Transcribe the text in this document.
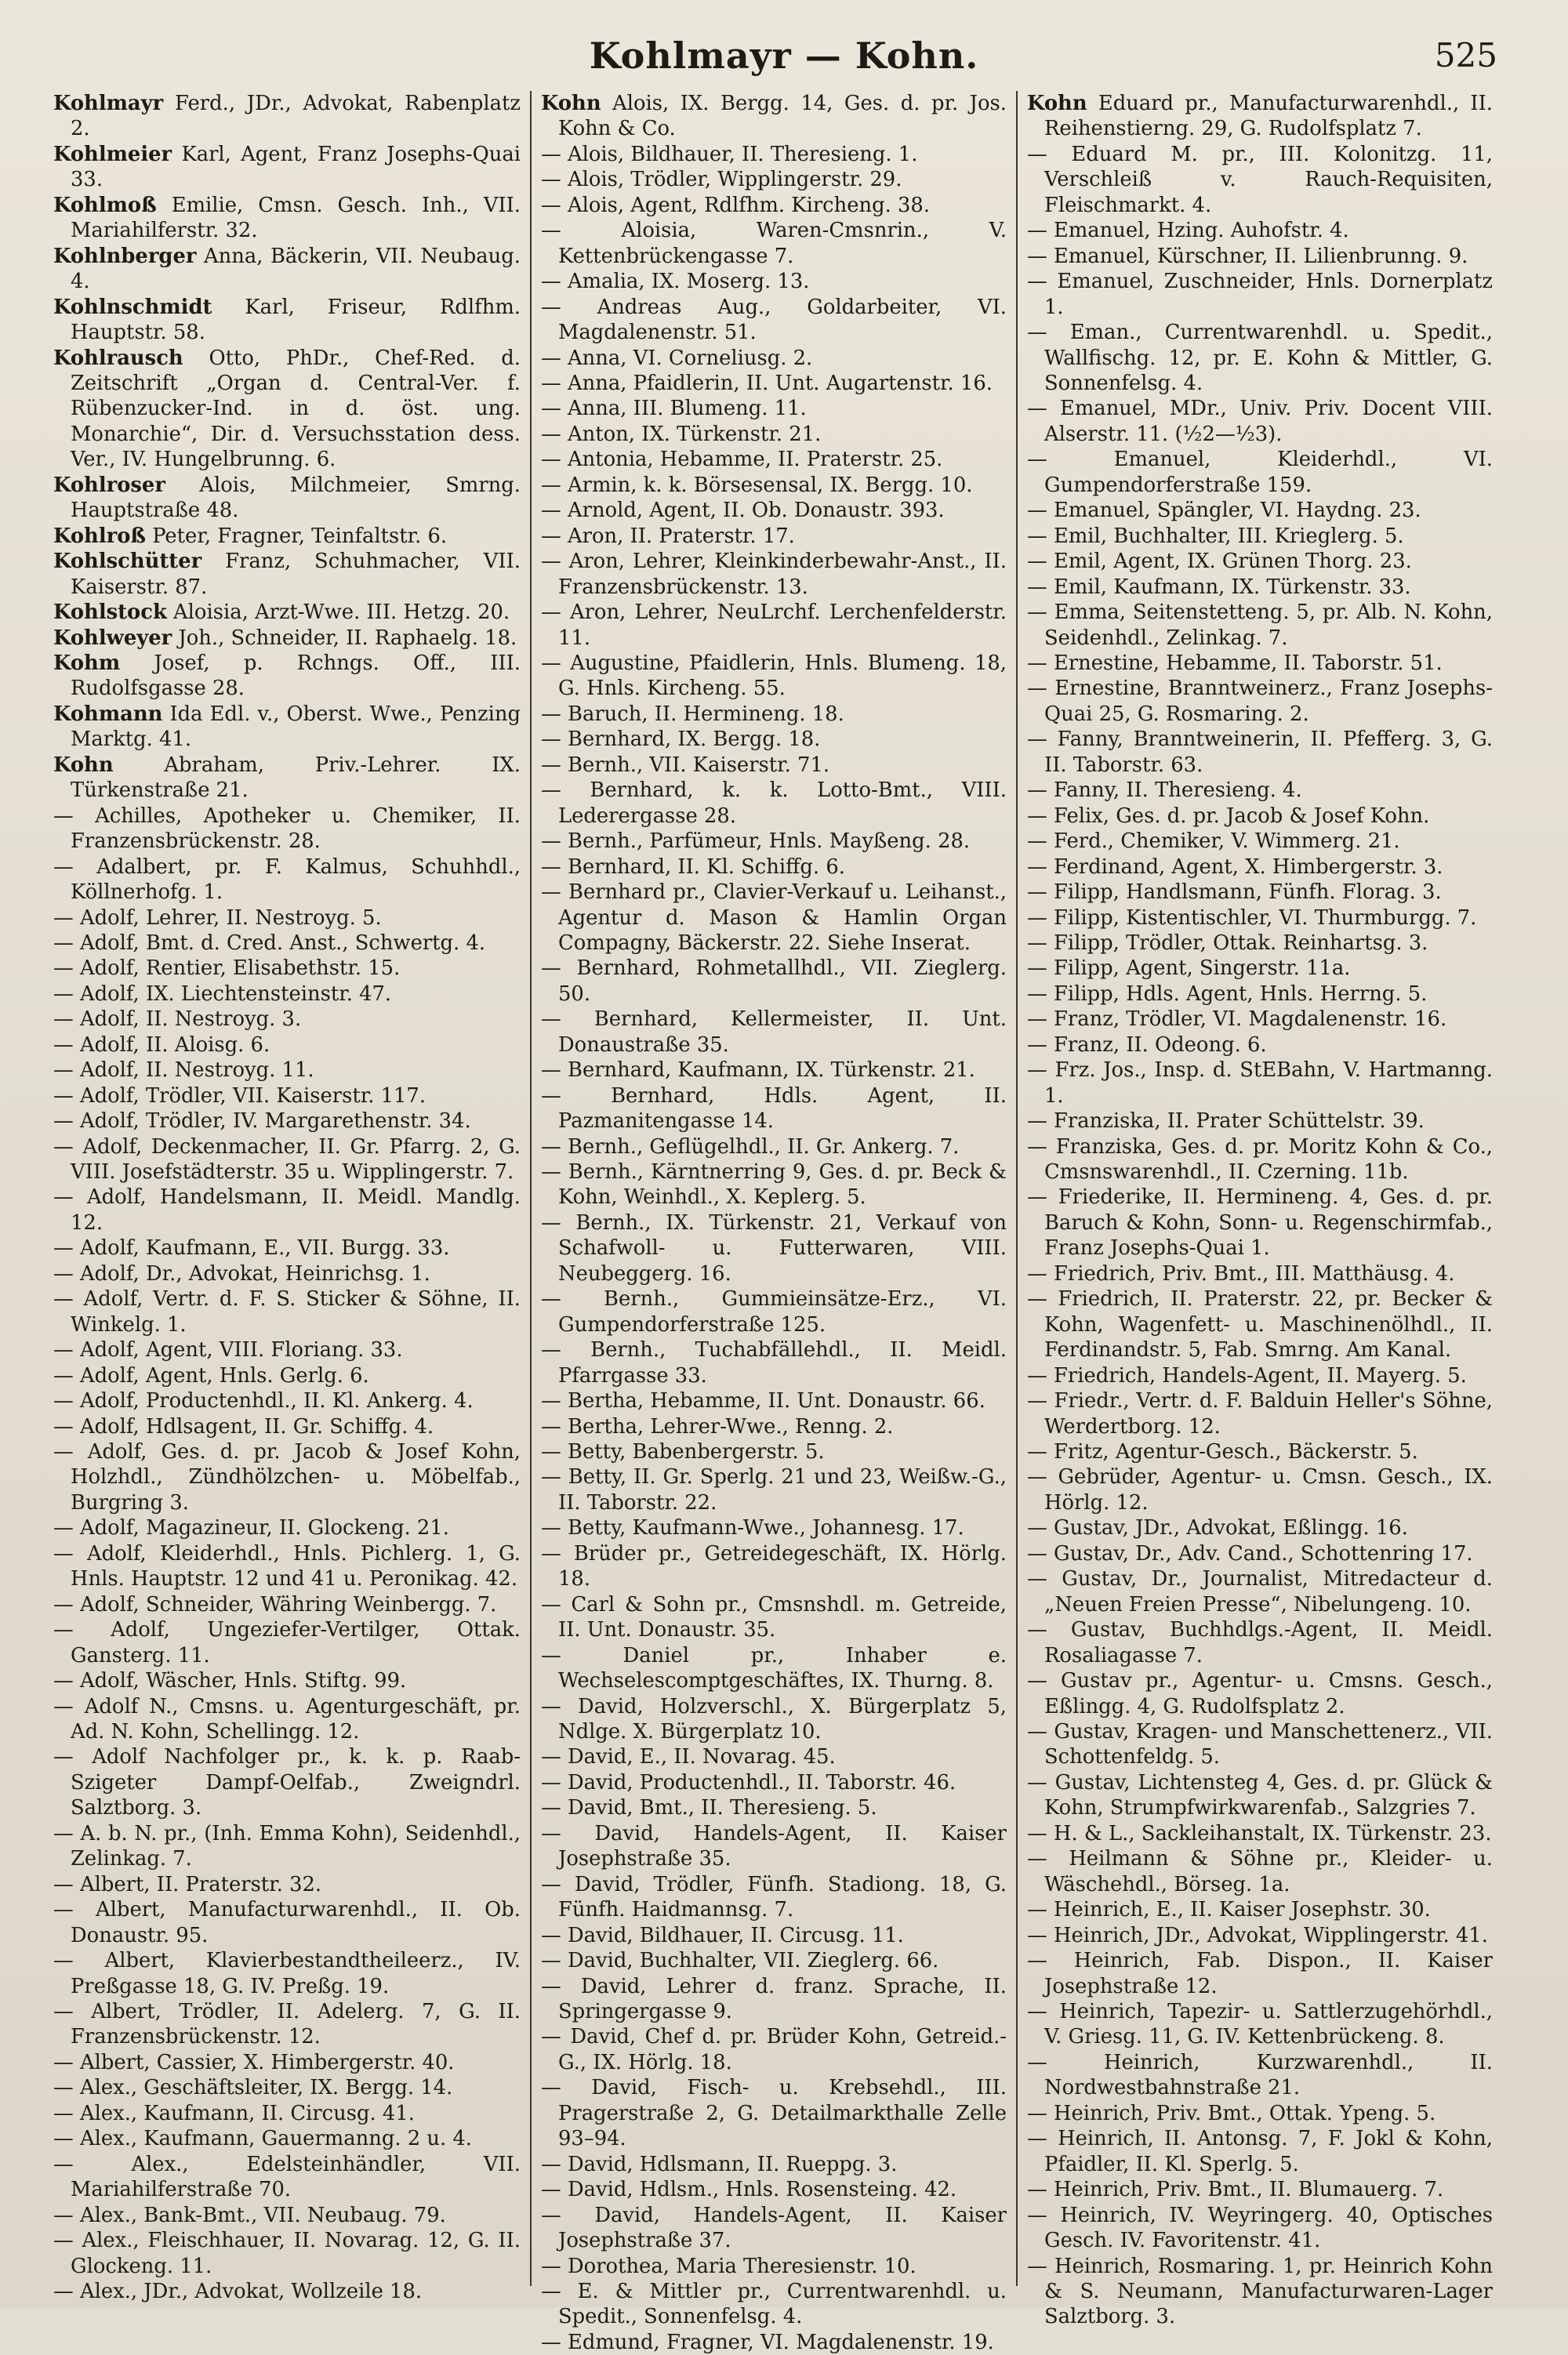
Kohlmayr — Kohn.	525
Kohlmayr Ferd., JDr., Advokat, Rabenplatz 2.
Kohlmeier Karl, Agent, Franz Josephs-Quai 33.
Kohlmoß Emilie, Cmsn. Gesch. Inh., VII. Mariahilferstr. 32.
Kohlnberger Anna, Bäckerin, VII. Neubaug. 4.
Kohlnschmidt Karl, Friseur, Rdlfhm. Hauptstr. 58.
Kohlrausch Otto, PhDr., Chef-Red. d. Zeitschrift „Organ d. Central-Ver. f. Rübenzucker-Ind. in d. öst. ung. Monarchie“, Dir. d. Versuchsstation dess. Ver., IV. Hungelbrunng. 6.
Kohlroser Alois, Milchmeier, Smrng. Hauptstraße 48.
Kohlroß Peter, Fragner, Teinfaltstr. 6.
Kohlschütter Franz, Schuhmacher, VII. Kaiserstr. 87.
Kohlstock Aloisia, Arzt-Wwe. III. Hetzg. 20.
Kohlweyer Joh., Schneider, II. Raphaelg. 18.
Kohm Josef, p. Rchngs. Off., III. Rudolfsgasse 28.
Kohmann Ida Edl. v., Oberst. Wwe., Penzing Marktg. 41.
Kohn	Abraham, Priv.-Lehrer. IX. Türkenstraße 21.
— Achilles, Apotheker u. Chemiker, II. Franzensbrückenstr. 28.
— Adalbert, pr. F. Kalmus, Schuhhdl., Köllnerhofg. 1.
— Adolf, Lehrer, II. Nestroyg. 5.
— Adolf, Bmt. d. Cred. Anst., Schwertg. 4.
— Adolf, Rentier, Elisabethstr. 15.
— Adolf, IX. Liechtensteinstr. 47.
— Adolf, II. Nestroyg. 3.
— Adolf, II. Aloisg. 6.
— Adolf, II. Nestroyg. 11.
— Adolf, Trödler, VII. Kaiserstr. 117.
— Adolf, Trödler, IV. Margarethenstr. 34.
— Adolf, Deckenmacher, II. Gr. Pfarrg. 2, G. VIII. Josefstädterstr. 35 u. Wipplingerstr. 7.
— Adolf, Handelsmann, II. Meidl. Mandlg. 12.
— Adolf, Kaufmann, E., VII. Burgg. 33.
— Adolf, Dr., Advokat, Heinrichsg. 1.
— Adolf, Vertr. d. F. S. Sticker & Söhne, II. Winkelg. 1.
— Adolf, Agent, VIII. Floriang. 33.
— Adolf, Agent, Hnls. Gerlg. 6.
— Adolf, Productenhdl., II. Kl. Ankerg. 4.
— Adolf, Hdlsagent, II. Gr. Schiffg. 4.
— Adolf, Ges. d. pr. Jacob & Josef Kohn, Holzhdl., Zündhölzchen- u. Möbelfab., Burgring 3.
— Adolf, Magazineur, II. Glockeng. 21.
— Adolf, Kleiderhdl., Hnls. Pichlerg. 1, G. Hnls. Hauptstr. 12 und 41 u. Peronikag. 42.
— Adolf, Schneider, Währing Weinbergg. 7.
— Adolf, Ungeziefer-Vertilger, Ottak. Gansterg. 11.
— Adolf, Wäscher, Hnls. Stiftg. 99.
— Adolf N., Cmsns. u. Agenturgeschäft, pr. Ad. N. Kohn, Schellingg. 12.
— Adolf Nachfolger pr., k. k. p. Raab-Szigeter Dampf-Oelfab., Zweigndrl. Salztborg. 3.
— A. b. N. pr., (Inh. Emma Kohn), Seidenhdl., Zelinkag. 7.
— Albert, II. Praterstr. 32.
— Albert, Manufacturwarenhdl., II. Ob. Donaustr. 95.
— Albert, Klavierbestandtheileerz., IV. Preßgasse 18, G. IV. Preßg. 19.
— Albert, Trödler, II. Adelerg. 7, G. II. Franzensbrückenstr. 12.
— Albert, Cassier, X. Himbergerstr. 40.
— Alex., Geschäftsleiter, IX. Bergg. 14.
— Alex., Kaufmann, II. Circusg. 41.
— Alex., Kaufmann, Gauermanng. 2 u. 4.
— Alex., Edelsteinhändler, VII. Mariahilferstraße 70.
— Alex., Bank-Bmt., VII. Neubaug. 79.
— Alex., Fleischhauer, II. Novarag. 12, G. II. Glockeng. 11.
— Alex., JDr., Advokat, Wollzeile 18.
Kohn Alois, IX. Bergg. 14, Ges. d. pr. Jos. Kohn & Co.
— Alois, Bildhauer, II. Theresieng. 1.
— Alois, Trödler, Wipplingerstr. 29.
— Alois, Agent, Rdlfhm. Kircheng. 38.
— Aloisia, Waren-Cmsnrin., V. Kettenbrückengasse 7.
— Amalia, IX. Moserg. 13.
— Andreas Aug., Goldarbeiter, VI. Magdalenenstr. 51.
— Anna, VI. Corneliusg. 2.
— Anna, Pfaidlerin, II. Unt. Augartenstr. 16.
— Anna, III. Blumeng. 11.
— Anton, IX. Türkenstr. 21.
— Antonia, Hebamme, II. Praterstr. 25.
— Armin, k. k. Börsesensal, IX. Bergg. 10.
— Arnold, Agent, II. Ob. Donaustr. 393.
— Aron, II. Praterstr. 17.
— Aron, Lehrer, Kleinkinderbewahr-Anst., II. Franzensbrückenstr. 13.
— Aron, Lehrer, NeuLrchf. Lerchenfelderstr. 11.
— Augustine, Pfaidlerin, Hnls. Blumeng. 18, G. Hnls. Kircheng. 55.
— Baruch, II. Hermineng. 18.
— Bernhard, IX. Bergg. 18.
— Bernh., VII. Kaiserstr. 71.
— Bernhard, k. k. Lotto-Bmt., VIII. Lederergasse 28.
— Bernh., Parfümeur, Hnls. Mayßeng. 28.
— Bernhard, II. Kl. Schiffg. 6.
— Bernhard pr., Clavier-Verkauf u. Leihanst., Agentur d. Mason & Hamlin Organ Compagny, Bäckerstr. 22. Siehe Inserat.
— Bernhard, Rohmetallhdl., VII. Zieglerg. 50.
— Bernhard, Kellermeister, II. Unt. Donaustraße 35.
— Bernhard, Kaufmann, IX. Türkenstr. 21.
— Bernhard, Hdls. Agent, II. Pazmanitengasse 14.
— Bernh., Geflügelhdl., II. Gr. Ankerg. 7.
— Bernh., Kärntnerring 9, Ges. d. pr. Beck & Kohn, Weinhdl., X. Keplerg. 5.
— Bernh., IX. Türkenstr. 21, Verkauf von Schafwoll- u. Futterwaren, VIII. Neubeggerg. 16.
— Bernh., Gummieinsätze-Erz., VI. Gumpendorferstraße 125.
— Bernh., Tuchabfällehdl., II. Meidl. Pfarrgasse 33.
— Bertha, Hebamme, II. Unt. Donaustr. 66.
— Bertha, Lehrer-Wwe., Renng. 2.
— Betty, Babenbergerstr. 5.
— Betty, II. Gr. Sperlg. 21 und 23, Weißw.-G., II. Taborstr. 22.
— Betty, Kaufmann-Wwe., Johannesg. 17.
— Brüder pr., Getreidegeschäft, IX. Hörlg. 18.
— Carl & Sohn pr., Cmsnshdl. m. Getreide, II. Unt. Donaustr. 35.
— Daniel pr., Inhaber e. Wechselescomptgeschäftes, IX. Thurng. 8.
— David, Holzverschl., X. Bürgerplatz 5, Ndlge. X. Bürgerplatz 10.
— David, E., II. Novarag. 45.
— David, Productenhdl., II. Taborstr. 46.
— David, Bmt., II. Theresieng. 5.
— David, Handels-Agent, II. Kaiser Josephstraße 35.
— David, Trödler, Fünfh. Stadiong. 18, G. Fünfh. Haidmannsg. 7.
— David, Bildhauer, II. Circusg. 11.
— David, Buchhalter, VII. Zieglerg. 66.
— David, Lehrer d. franz. Sprache, II. Springergasse 9.
— David, Chef d. pr. Brüder Kohn, Getreid.-G., IX. Hörlg. 18.
— David, Fisch- u. Krebsehdl., III. Pragerstraße 2, G. Detailmarkthalle Zelle 93–94.
— David, Hdlsmann, II. Rueppg. 3.
— David, Hdlsm., Hnls. Rosensteing. 42.
— David, Handels-Agent, II. Kaiser Josephstraße 37.
— Dorothea, Maria Theresienstr. 10.
— E. & Mittler pr., Currentwarenhdl. u. Spedit., Sonnenfelsg. 4.
— Edmund, Fragner, VI. Magdalenenstr. 19.
Kohn Eduard pr., Manufacturwarenhdl., II. Reihenstierng. 29, G. Rudolfsplatz 7.
— Eduard M. pr., III. Kolonitzg. 11, Verschleiß v. Rauch-Requisiten, Fleischmarkt. 4.
— Emanuel, Hzing. Auhofstr. 4.
— Emanuel, Kürschner, II. Lilienbrunng. 9.
— Emanuel, Zuschneider, Hnls. Dornerplatz 1.
— Eman., Currentwarenhdl. u. Spedit., Wallfischg. 12, pr. E. Kohn & Mittler, G. Sonnenfelsg. 4.
— Emanuel, MDr., Univ. Priv. Docent VIII. Alserstr. 11. (½2—½3).
— Emanuel, Kleiderhdl., VI. Gumpendorferstraße 159.
— Emanuel, Spängler, VI. Haydng. 23.
— Emil, Buchhalter, III. Krieglerg. 5.
— Emil, Agent, IX. Grünen Thorg. 23.
— Emil, Kaufmann, IX. Türkenstr. 33.
— Emma, Seitenstetteng. 5, pr. Alb. N. Kohn, Seidenhdl., Zelinkag. 7.
— Ernestine, Hebamme, II. Taborstr. 51.
— Ernestine, Branntweinerz., Franz Josephs-Quai 25, G. Rosmaring. 2.
— Fanny, Branntweinerin, II. Pfefferg. 3, G. II. Taborstr. 63.
— Fanny, II. Theresieng. 4.
— Felix, Ges. d. pr. Jacob & Josef Kohn.
— Ferd., Chemiker, V. Wimmerg. 21.
— Ferdinand, Agent, X. Himbergerstr. 3.
— Filipp, Handlsmann, Fünfh. Florag. 3.
— Filipp, Kistentischler, VI. Thurmburgg. 7.
— Filipp, Trödler, Ottak. Reinhartsg. 3.
— Filipp, Agent, Singerstr. 11a.
— Filipp, Hdls. Agent, Hnls. Herrng. 5.
— Franz, Trödler, VI. Magdalenenstr. 16.
— Franz, II. Odeong. 6.
— Frz. Jos., Insp. d. StEBahn, V. Hartmanng. 1.
— Franziska, II. Prater Schüttelstr. 39.
— Franziska, Ges. d. pr. Moritz Kohn & Co., Cmsnswarenhdl., II. Czerning. 11b.
— Friederike, II. Hermineng. 4, Ges. d. pr. Baruch & Kohn, Sonn- u. Regenschirmfab., Franz Josephs-Quai 1.
— Friedrich, Priv. Bmt., III. Matthäusg. 4.
— Friedrich, II. Praterstr. 22, pr. Becker & Kohn, Wagenfett- u. Maschinenölhdl., II. Ferdinandstr. 5, Fab. Smrng. Am Kanal.
— Friedrich, Handels-Agent, II. Mayerg. 5.
— Friedr., Vertr. d. F. Balduin Heller's Söhne, Werdertborg. 12.
— Fritz, Agentur-Gesch., Bäckerstr. 5.
— Gebrüder, Agentur- u. Cmsn. Gesch., IX. Hörlg. 12.
— Gustav, JDr., Advokat, Eßlingg. 16.
— Gustav, Dr., Adv. Cand., Schottenring 17.
— Gustav, Dr., Journalist, Mitredacteur d. „Neuen Freien Presse“, Nibelungeng. 10.
— Gustav, Buchhdlgs.-Agent, II. Meidl. Rosaliagasse 7.
— Gustav pr., Agentur- u. Cmsns. Gesch., Eßlingg. 4, G. Rudolfsplatz 2.
— Gustav, Kragen- und Manschettenerz., VII. Schottenfeldg. 5.
— Gustav, Lichtensteg 4, Ges. d. pr. Glück & Kohn, Strumpfwirkwarenfab., Salzgries 7.
— H. & L., Sackleihanstalt, IX. Türkenstr. 23.
— Heilmann & Söhne pr., Kleider- u. Wäschehdl., Börseg. 1a.
— Heinrich, E., II. Kaiser Josephstr. 30.
— Heinrich, JDr., Advokat, Wipplingerstr. 41.
— Heinrich, Fab. Dispon., II. Kaiser Josephstraße 12.
— Heinrich, Tapezir- u. Sattlerzugehörhdl., V. Griesg. 11, G. IV. Kettenbrückeng. 8.
— Heinrich, Kurzwarenhdl., II. Nordwestbahnstraße 21.
— Heinrich, Priv. Bmt., Ottak. Ypeng. 5.
— Heinrich, II. Antonsg. 7, F. Jokl & Kohn, Pfaidler, II. Kl. Sperlg. 5.
— Heinrich, Priv. Bmt., II. Blumauerg. 7.
— Heinrich, IV. Weyringerg. 40, Optisches Gesch. IV. Favoritenstr. 41.
— Heinrich, Rosmaring. 1, pr. Heinrich Kohn & S. Neumann, Manufacturwaren-Lager Salztborg. 3.
